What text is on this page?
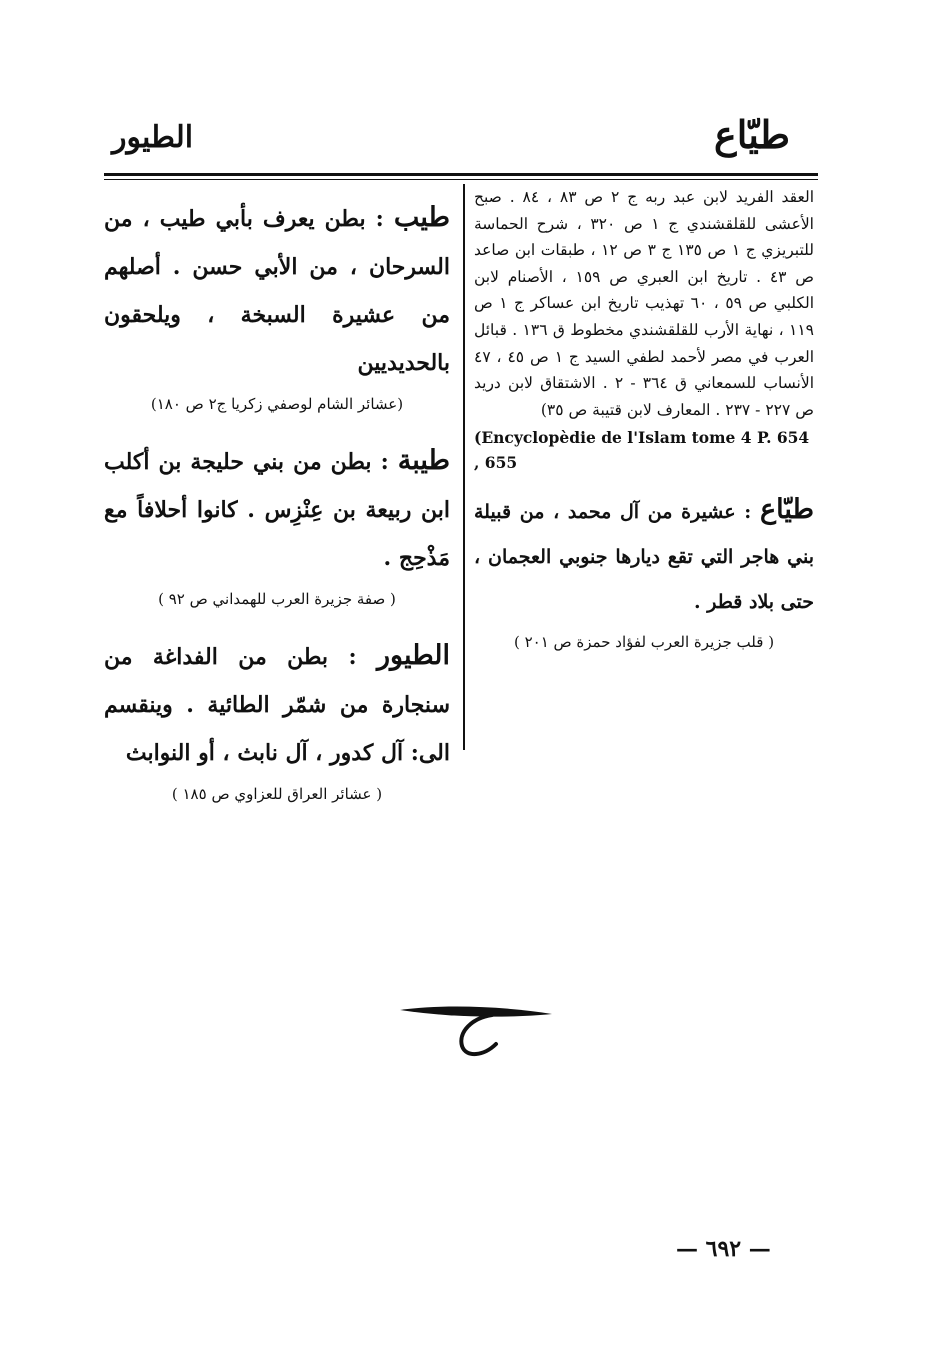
طيّاع
الطيور
العقد الفريد لابن عبد ربه ج ٢ ص ٨٣ ، ٨٤ . صبح الأعشى للقلقشندي ج ١ ص ٣٢٠ ، شرح الحماسة للتبريزي ج ١ ص ١٣٥ ج ٣ ص ١٢ ، طبقات ابن صاعد ص ٤٣ . تاريخ ابن العبري ص ١٥٩ ، الأصنام لابن الكلبي ص ٥٩ ، ٦٠ تهذيب تاريخ ابن عساكر ج ١ ص ١١٩ ، نهاية الأرب للقلقشندي مخطوط ق ١٣٦ . قبائل العرب في مصر لأحمد لطفي السيد ج ١ ص ٤٥ ، ٤٧ الأنساب للسمعاني ق ٣٦٤ - ٢ . الاشتقاق لابن دريد ص ٢٢٧ - ٢٣٧ . المعارف لابن قتيبة ص ٣٥)
(Encyclopèdie de l'Islam tome 4 P. 654 , 655
طيّاع : عشيرة من آل محمد ، من قبيلة بني هاجر التي تقع ديارها جنوبي العجمان ، حتى بلاد قطر .
( قلب جزيرة العرب لفؤاد حمزة ص ٢٠١ )
طيب : بطن يعرف بأبي طيب ، من السرحان ، من الأبي حسن . أصلهم من عشيرة السبخة ، ويلحقون بالحديديين
(عشائر الشام لوصفي زكريا ج٢ ص ١٨٠)
طيبة : بطن من بني حليجة بن أكلب ابن ربيعة بن عِنْزِس . كانوا أحلافاً مع مَذْحِج .
( صفة جزيرة العرب للهمداني ص ٩٢ )
الطيور : بطن من الفداغة من سنجارة من شمّر الطائية . وينقسم الى: آل كدور ، آل نابث ، أو النوابث
( عشائر العراق للعزاوي ص ١٨٥ )
— ٦٩٢ —
